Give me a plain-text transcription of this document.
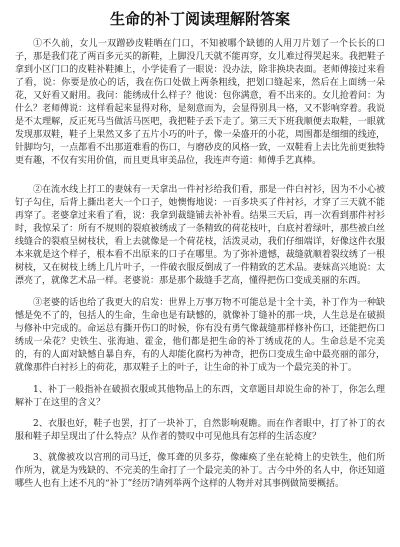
生命的补丁阅读理解附答案

①不久前，女儿一双蹭砂皮鞋晒在门口，不知被哪个缺德的人用刀片划了一个长长的口子，那是我们花了两百多元买的新鞋，上脚没几天就不能再穿，女儿难过得哭起来。我把鞋子拿到小区门口的皮鞋补鞋摊上，小学徒看了一眼说：没办法，除非换块表面。老师傅接过来看了看，说：你要是放心的话，我在伤口处做上两条粗线，把划口缝起来，然后在上面绣一朵花，又好看又耐用。我问：能绣成什么样子？他说：包你满意，看不出来的。女儿抢着问：为什么？老师傅说：这样看起来显得对称，是刻意而为，会显得别具一格，又不影响穿着。我说是不太理解，反正死马当做活马医吧，我把鞋子丢下走了。第三天下班我顺便去取鞋，一眼就发现那双鞋，鞋子上果然又多了五片小巧的叶子，像一朵盛开的小花，周围都是细细的线迹，针脚均匀，一点都看不出那道难看的伤口，与磨砂皮的风格一致，一双鞋看上去比先前更独特更有趣，不仅有实用价值，而且更具审美品位，我连声夸道：师傅手艺真棒。

②在流水线上打工的妻妹有一天拿出一件衬衫给我们看，那是一件白衬衫，因为不小心被钉子勾住，后背上撕出老大一个口子，她懊悔地说：一百多块买了件衬衫，才穿了三天就不能再穿了。老婆拿过来看了看，说：我拿到裁缝铺去补补看。结果三天后，再一次看到那件衬衫时，我惊呆了：所有不规则的裂痕被绣成了一条精致的荷花枝叶，白底衬着绿叶，那些被白丝线缝合的裂痕呈树枝状，看上去就像是一个荷花枝，活泼灵动，我们仔细端详，好像这件衣服本来就是这个样子，根本看不出原来的口子在哪里。为了弥补遗憾，裁缝就顺着裂纹绣了一根树枝，又在树枝上绣上几片叶子，一件破衣服反倒成了一件精致的艺术品。妻妹高兴地说：太漂亮了，就像艺术品一样。老婆说：那是那个裁缝手艺高，懂得把伤口变成美丽的东西。

③老婆的话也给了我更大的启发：世界上万事万物不可能总是十全十美，补丁作为一种缺憾是免不了的，包括人的生命，生命也是有缺憾的，就像补丁缝补的那一块，人生总是在破损与修补中完成的。命运总有撕开伤口的时候，你有没有勇气像裁缝那样修补伤口，还能把伤口绣成一朵花？史铁生、张海迪、霍金，他们都是把生命的补丁绣成花的人。生命总是不完美的，有的人面对缺憾自暴自弃，有的人却能化腐朽为神奇，把伤口变成生命中最亮丽的部分，就像那件白衬衫上的荷花，那双鞋子上的叶子，让生命的补丁成为一个最完美的补丁。

1、补丁一般指补在破损衣服或其他物品上的东西，文章题目却说生命的补丁，你怎么理解补丁在这里的含义？

2、衣服也好，鞋子也罢，打了一块补丁，自然影响观瞻。而在作者眼中，打了补丁的衣服和鞋子却呈现出了什么特点？从作者的赞叹中可见他具有怎样的生活态度？

3、就像被攻以宫刑的司马迁，像耳聋的贝多芬，像瘫痪了坐在轮椅上的史铁生，他们所作所为，就是为残缺的、不完美的生命打了一个最完美的补丁。古今中外的名人中，你还知道哪些人也有上述不凡的“补丁”经历?请列举两个这样的人物并对其事例做简要概括。
